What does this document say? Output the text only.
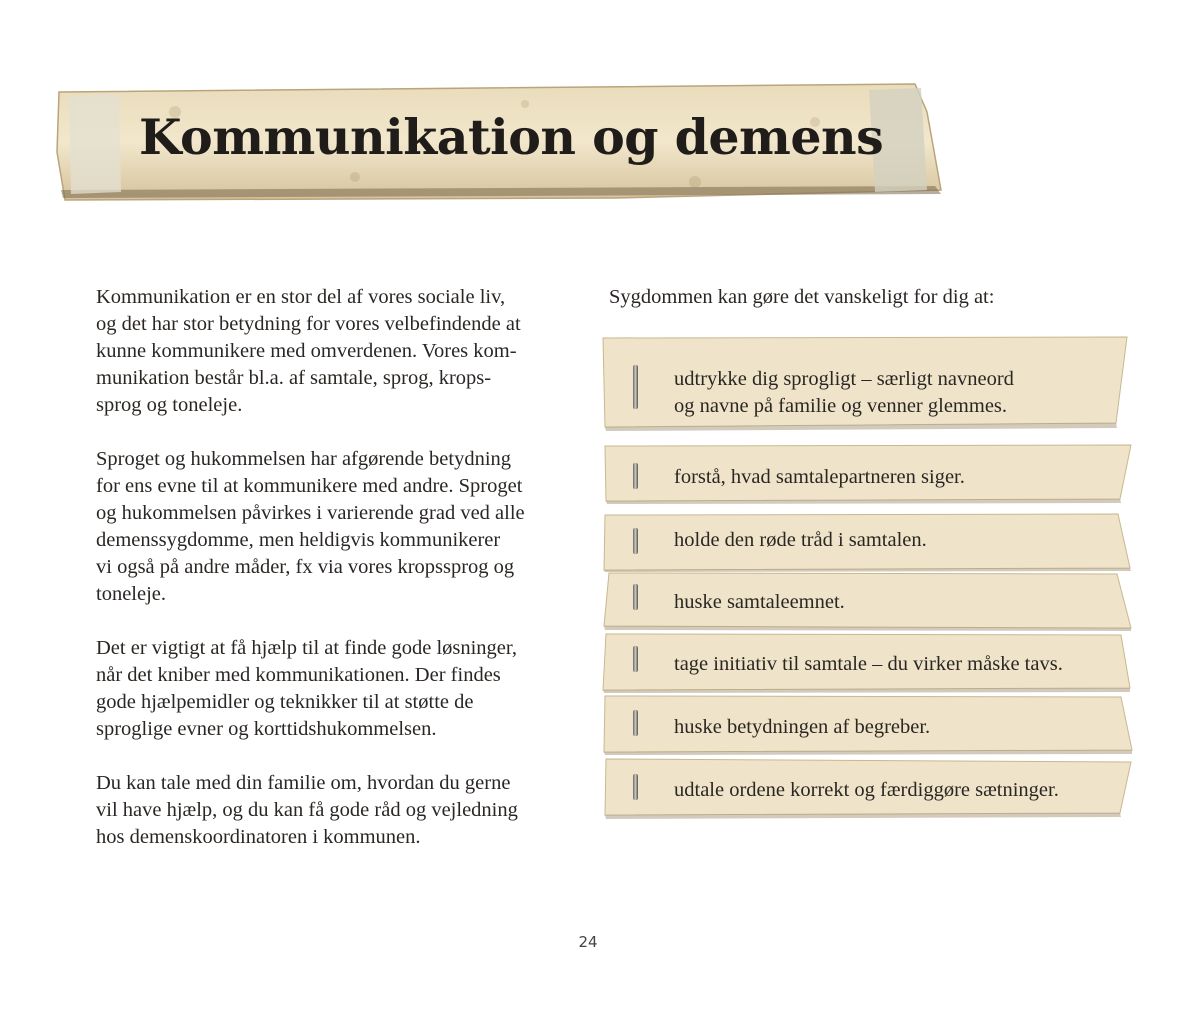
Kommunikation og demens

Kommunikation er en stor del af vores sociale liv,
og det har stor betydning for vores velbefindende at
kunne kommunikere med omverdenen. Vores kom-
munikation består bl.a. af samtale, sprog, krops-
sprog og toneleje.

Sproget og hukommelsen har afgørende betydning
for ens evne til at kommunikere med andre. Sproget
og hukommelsen påvirkes i varierende grad ved alle
demenssygdomme, men heldigvis kommunikerer
vi også på andre måder, fx via vores kropssprog og
toneleje.

Det er vigtigt at få hjælp til at finde gode løsninger,
når det kniber med kommunikationen. Der findes
gode hjælpemidler og teknikker til at støtte de
sproglige evner og korttidshukommelsen.

Du kan tale med din familie om, hvordan du gerne
vil have hjælp, og du kan få gode råd og vejledning
hos demenskoordinatoren i kommunen.

Sygdommen kan gøre det vanskeligt for dig at:
udtrykke dig sprogligt – særligt navneord
og navne på familie og venner glemmes.
forstå, hvad samtalepartneren siger.
holde den røde tråd i samtalen.
huske samtaleemnet.
tage initiativ til samtale – du virker måske tavs.
huske betydningen af begreber.
udtale ordene korrekt og færdiggøre sætninger.
24
